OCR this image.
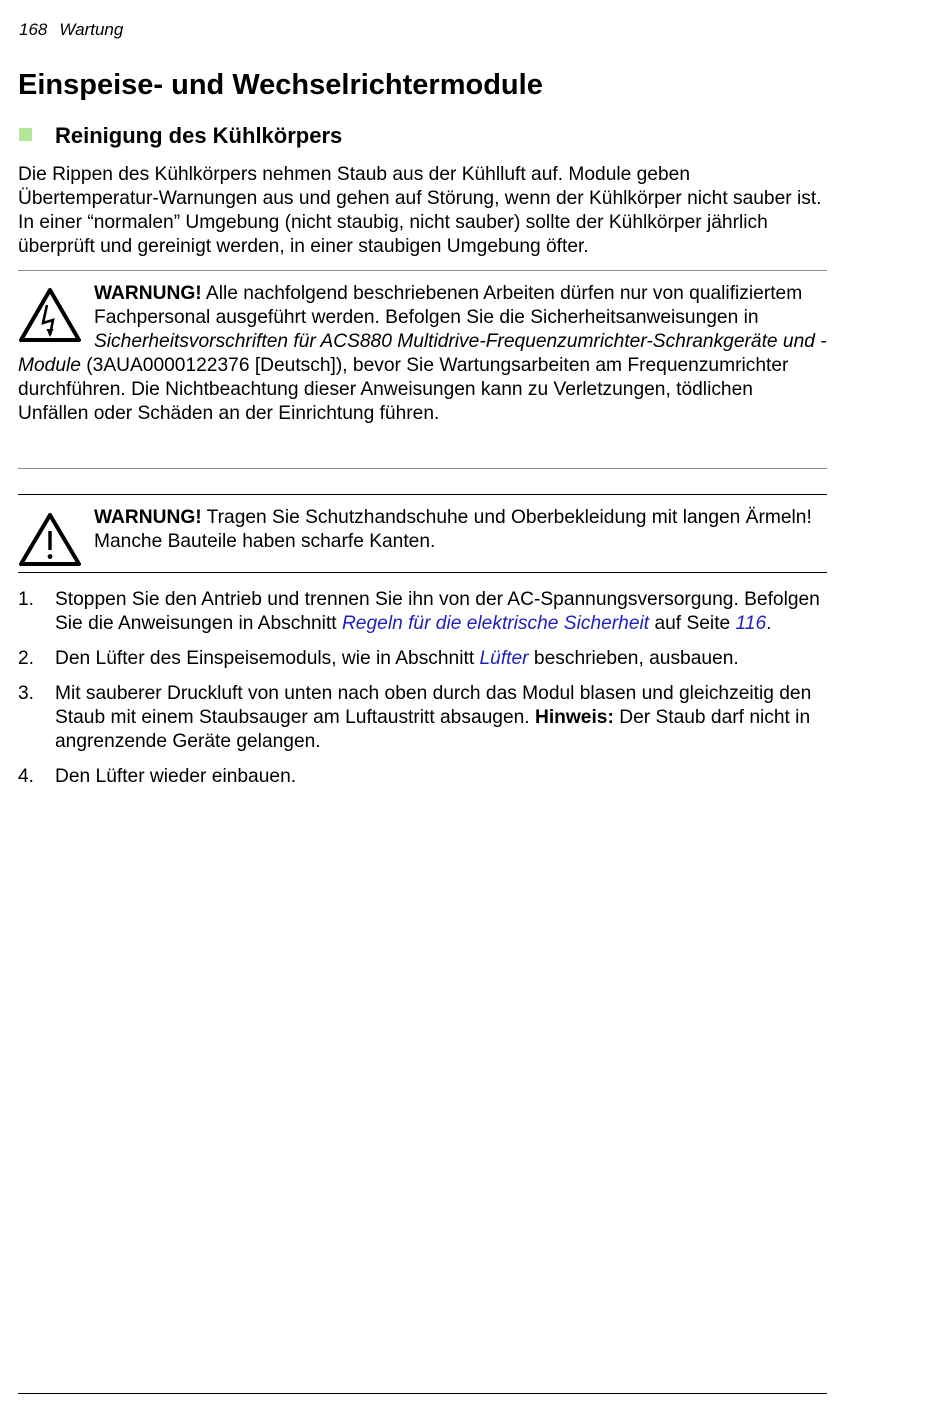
168 Wartung
Einspeise- und Wechselrichtermodule
Reinigung des Kühlkörpers

Die Rippen des Kühlkörpers nehmen Staub aus der Kühlluft auf. Module geben Übertemperatur-Warnungen aus und gehen auf Störung, wenn der Kühlkörper nicht sauber ist. In einer “normalen” Umgebung (nicht staubig, nicht sauber) sollte der Kühlkörper jährlich überprüft und gereinigt werden, in einer staubigen Umgebung öfter.

WARNUNG! Alle nachfolgend beschriebenen Arbeiten dürfen nur von qualifiziertem Fachpersonal ausgeführt werden. Befolgen Sie die Sicherheitsanweisungen in Sicherheitsvorschriften für ACS880 Multidrive-Frequenzumrichter-Schrankgeräte und -Module (3AUA0000122376 [Deutsch]), bevor Sie Wartungsarbeiten am Frequenzumrichter durchführen. Die Nichtbeachtung dieser Anweisungen kann zu Verletzungen, tödlichen Unfällen oder Schäden an der Einrichtung führen.
WARNUNG! Tragen Sie Schutzhandschuhe und Oberbekleidung mit langen Ärmeln! Manche Bauteile haben scharfe Kanten.
1. Stoppen Sie den Antrieb und trennen Sie ihn von der AC-Spannungsversorgung. Befolgen Sie die Anweisungen in Abschnitt Regeln für die elektrische Sicherheit auf Seite 116.
2. Den Lüfter des Einspeisemoduls, wie in Abschnitt Lüfter beschrieben, ausbauen.
3. Mit sauberer Druckluft von unten nach oben durch das Modul blasen und gleichzeitig den Staub mit einem Staubsauger am Luftaustritt absaugen. Hinweis: Der Staub darf nicht in angrenzende Geräte gelangen.
4. Den Lüfter wieder einbauen.
